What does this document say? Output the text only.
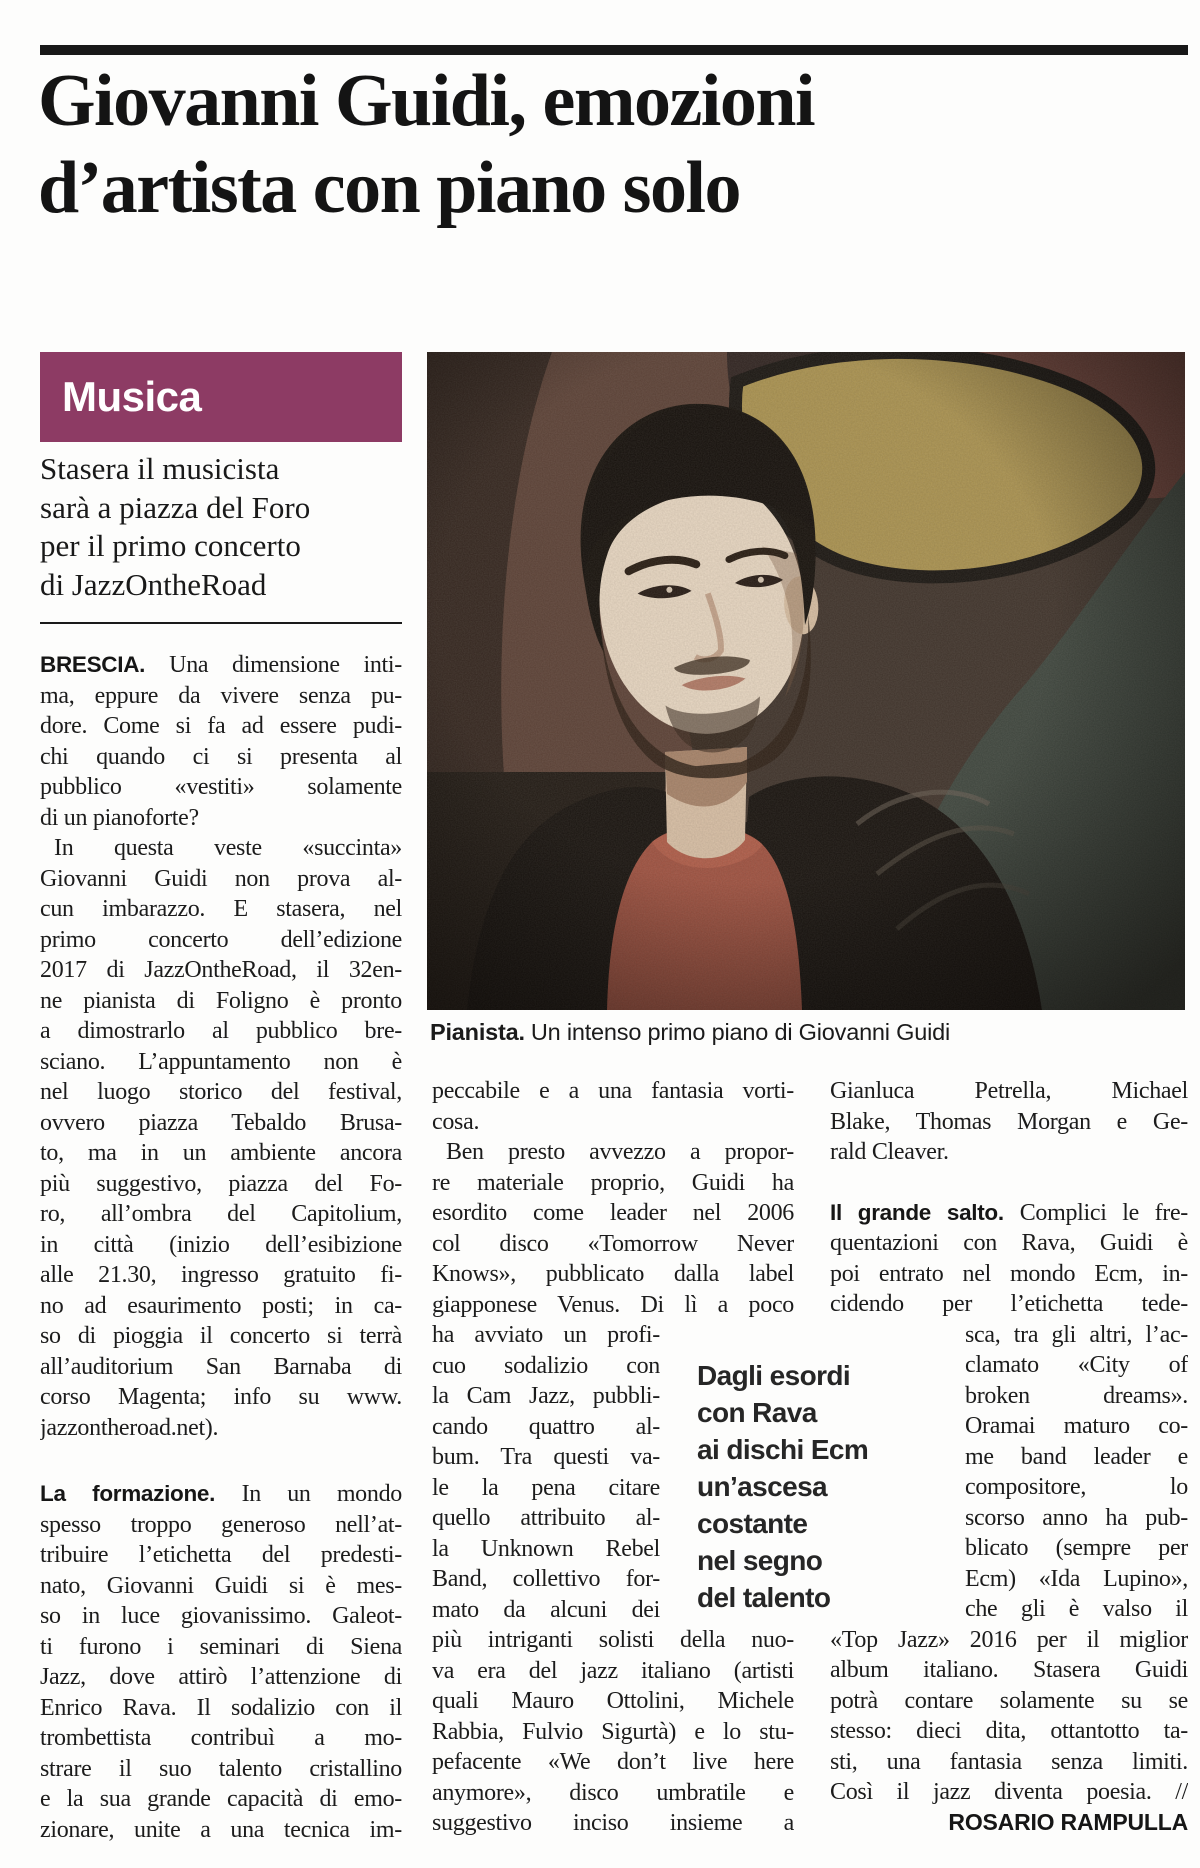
Giovanni Guidi, emozioni
d’artista con piano solo
Musica
Stasera il musicista
sarà a piazza del Foro
per il primo concerto
di JazzOntheRoad
Pianista. Un intenso primo piano di Giovanni Guidi
BRESCIA. Una dimensione inti-
ma, eppure da vivere senza pu-
dore. Come si fa ad essere pudi-
chi quando ci si presenta al
pubblico «vestiti» solamente
di un pianoforte?
In questa veste «succinta»
Giovanni Guidi non prova al-
cun imbarazzo. E stasera, nel
primo concerto dell’edizione
2017 di JazzOntheRoad, il 32en-
ne pianista di Foligno è pronto
a dimostrarlo al pubblico bre-
sciano. L’appuntamento non è
nel luogo storico del festival,
ovvero piazza Tebaldo Brusa-
to, ma in un ambiente ancora
più suggestivo, piazza del Fo-
ro, all’ombra del Capitolium,
in città (inizio dell’esibizione
alle 21.30, ingresso gratuito fi-
no ad esaurimento posti; in ca-
so di pioggia il concerto si terrà
all’auditorium San Barnaba di
corso Magenta; info su www.
jazzontheroad.net).
La formazione. In un mondo
spesso troppo generoso nell’at-
tribuire l’etichetta del predesti-
nato, Giovanni Guidi si è mes-
so in luce giovanissimo. Galeot-
ti furono i seminari di Siena
Jazz, dove attirò l’attenzione di
Enrico Rava. Il sodalizio con il
trombettista contribuì a mo-
strare il suo talento cristallino
e la sua grande capacità di emo-
zionare, unite a una tecnica im-
peccabile e a una fantasia vorti-
cosa.
Ben presto avvezzo a propor-
re materiale proprio, Guidi ha
esordito come leader nel 2006
col disco «Tomorrow Never
Knows», pubblicato dalla label
giapponese Venus. Di lì a poco
ha avviato un profi-
cuo sodalizio con
la Cam Jazz, pubbli-
cando quattro al-
bum. Tra questi va-
le la pena citare
quello attribuito al-
la Unknown Rebel
Band, collettivo for-
mato da alcuni dei
più intriganti solisti della nuo-
va era del jazz italiano (artisti
quali Mauro Ottolini, Michele
Rabbia, Fulvio Sigurtà) e lo stu-
pefacente «We don’t live here
anymore», disco umbratile e
suggestivo inciso insieme a
Gianluca Petrella, Michael
Blake, Thomas Morgan e Ge-
rald Cleaver.
Il grande salto. Complici le fre-
quentazioni con Rava, Guidi è
poi entrato nel mondo Ecm, in-
cidendo per l’etichetta tede-
sca, tra gli altri, l’ac-
clamato «City of
broken dreams».
Oramai maturo co-
me band leader e
compositore, lo
scorso anno ha pub-
blicato (sempre per
Ecm) «Ida Lupino»,
che gli è valso il
«Top Jazz» 2016 per il miglior
album italiano. Stasera Guidi
potrà contare solamente su se
stesso: dieci dita, ottantotto ta-
sti, una fantasia senza limiti.
Così il jazz diventa poesia. //
Dagli esordi
con Rava
ai dischi Ecm
un’ascesa
costante
nel segno
del talento
ROSARIO RAMPULLA
